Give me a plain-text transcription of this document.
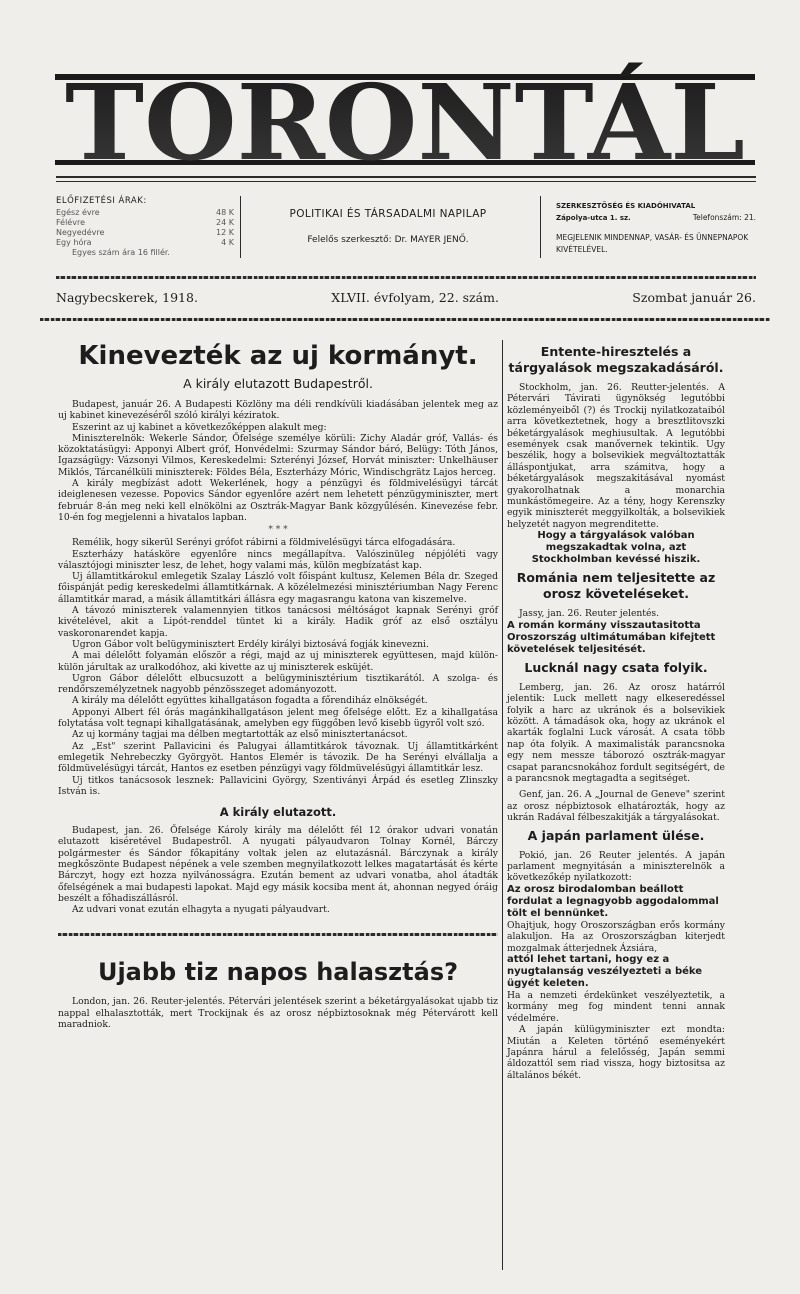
TORONTÁL
ELŐFIZETÉSI ÁRAK:
Egész évre	48 K
Félévre	24 K
Negyedévre	12 K
Egy hóra	4 K
Egyes szám ára 16 fillér.
POLITIKAI ÉS TÁRSADALMI NAPILAP
Felelős szerkesztő: Dr. MAYER JENŐ.
SZERKESZTŐSÉG ÉS KIADÓHIVATAL
Zápolya-utca 1. sz.	Telefonszám: 21.
MEGJELENIK MINDENNAP, VASÁR- ÉS ÜNNEPNAPOK KIVÉTELÉVEL.
Nagybecskerek, 1918.	XLVII. évfolyam, 22. szám.	Szombat január 26.
Kinevezték az uj kormányt.
A király elutazott Budapestről.

Budapest, január 26. A Budapesti Közlöny ma déli rendkívüli kiadásában jelentek meg az uj kabinet kinevezéséről szóló királyi kéziratok.

Eszerint az uj kabinet a következőképpen alakult meg:

Miniszterelnök: Wekerle Sándor, Őfelsége személye körüli: Zichy Aladár gróf, Vallás- és közoktatásügyi: Apponyi Albert gróf, Honvédelmi: Szurmay Sándor báró, Belügy: Tóth János, Igazságügy: Vázsonyi Vilmos, Kereskedelmi: Szterényi József, Horvát miniszter: Unkelhäuser Miklós, Tárcanélküli miniszterek: Földes Béla, Eszterházy Móric, Windischgrätz Lajos herceg.

A király megbízást adott Wekerlének, hogy a pénzügyi és földmivelésügyi tárcát ideiglenesen vezesse. Popovics Sándor egyenlőre azért nem lehetett pénzügyminiszter, mert február 8-án meg neki kell elnökölni az Osztrák-Magyar Bank közgyűlésén. Kinevezése febr. 10-én fog megjelenni a hivatalos lapban.

* * *

Remélik, hogy sikerül Serényi grófot rábirni a földmivelésügyi tárca elfogadására.

Eszterházy hatásköre egyenlőre nincs megállapítva. Valószinüleg népjóléti vagy választójogi miniszter lesz, de lehet, hogy valami más, külön megbízatást kap.

Uj államtitkárokul emlegetik Szalay László volt főispánt kultusz, Kelemen Béla dr. Szeged főispánját pedig kereskedelmi államtitkárnak. A közélelmezési minisztériumban Nagy Ferenc államtitkár marad, a másik államtitkári állásra egy magasrangu katona van kiszemelve.

A távozó miniszterek valamennyien titkos tanácsosi méltóságot kapnak Serényi gróf kivételével, akit a Lipót-renddel tüntet ki a király. Hadik gróf az első osztályu vaskoronarendet kapja.

Ugron Gábor volt belügyminisztert Erdély királyi biztosává fogják kinevezni.

A mai délelőtt folyamán először a régi, majd az uj miniszterek együttesen, majd külön-külön járultak az uralkodóhoz, aki kivette az uj miniszterek esküjét.

Ugron Gábor délelőtt elbucsuzott a belügyminisztérium tisztikarától. A szolga- és rendőrszemélyzetnek nagyobb pénzösszeget adományozott.

A király ma délelőtt együttes kihallgatáson fogadta a főrendiház elnökségét.

Apponyi Albert fél órás magánkihallgatáson jelent meg őfelsége előtt. Ez a kihallgatása folytatása volt tegnapi kihallgatásának, amelyben egy függőben levő kisebb ügyről volt szó.

Az uj kormány tagjai ma délben megtartották az első minisztertanácsot.

Az „Est" szerint Pallavicini és Palugyai államtitkárok távoznak. Uj államtitkárként emlegetik Nehrebeczky Györgyöt. Hantos Elemér is távozik. De ha Serényi elvállalja a földmüvelésügyi tárcát, Hantos ez esetben pénzügyi vagy földmüvelésügyi államtitkár lesz.

Uj titkos tanácsosok lesznek: Pallavicini György, Szentiványi Árpád és esetleg Zlinszky István is.

A király elutazott.

Budapest, jan. 26. Őfelsége Károly király ma délelőtt fél 12 órakor udvari vonatán elutazott kiséretével Budapestről. A nyugati pályaudvaron Tolnay Kornél, Bárczy polgármester és Sándor főkapitány voltak jelen az elutazásnál. Bárczynak a király megkőszönte Budapest népének a vele szemben megnyilatkozott lelkes magatartását és kérte Bárczyt, hogy ezt hozza nyilvánosságra. Ezután bement az udvari vonatba, ahol átadták őfelségének a mai budapesti lapokat. Majd egy másik kocsiba ment át, ahonnan negyed óráig beszélt a főhadiszállásról.

Az udvari vonat ezután elhagyta a nyugati pályaudvart.

Ujabb tiz napos halasztás?

London, jan. 26. Reuter-jelentés. Pétervári jelentések szerint a béketárgyalásokat ujabb tiz nappal elhalasztották, mert Trockijnak és az orosz népbiztosoknak még Pétervárott kell maradniok.

Entente-hiresztelés a tárgyalások megszakadásáról.

Stockholm, jan. 26. Reutter-jelentés. A Pétervári Távirati ügynökség legutóbbi közleményeiből (?) és Trockij nyilatkozataiból arra következtetnek, hogy a bresztlitovszki béketárgyalások meghiusultak. A legutóbbi események csak manővernek tekintik. Ugy beszélik, hogy a bolsevikiek megváltoztatták álláspontjukat, arra számitva, hogy a béketárgyalások megszakitásával nyomást gyakorolhatnak a monarchia munkástömegeire. Az a tény, hogy Kerenszky egyik miniszterét meggyilkolták, a bolsevikiek helyzetét nagyon megrenditette.

Hogy a tárgyalások valóban megszakadtak volna, azt Stockholmban kevéssé hiszik.

Románia nem teljesitette az orosz követeléseket.

Jassy, jan. 26. Reuter jelentés.

A román kormány visszautasitotta Oroszország ultimátumában kifejtett követelések teljesitését.

Lucknál nagy csata folyik.

Lemberg, jan. 26. Az orosz határról jelentik: Luck mellett nagy elkeseredéssel folyik a harc az ukránok és a bolsevikiek között. A támadások oka, hogy az ukránok el akarták foglalni Luck városát. A csata több nap óta folyik. A maximalisták parancsnoka egy nem messze táborozó osztrák-magyar csapat parancsnokához fordult segitségért, de a parancsnok megtagadta a segitséget.

Genf, jan. 26. A „Journal de Geneve" szerint az orosz népbiztosok elhatározták, hogy az ukrán Radával félbeszakitják a tárgyalásokat.

A japán parlament ülése.

Pokió, jan. 26 Reuter jelentés. A japán parlament megnyitásán a miniszterelnök a következőkép nyilatkozott:

Az orosz birodalomban beállott fordulat a legnagyobb aggodalommal tölt el bennünket.

Ohajtjuk, hogy Oroszországban erős kormány alakuljon. Ha az Oroszországban kiterjedt mozgalmak átterjednek Ázsiára,

attól lehet tartani, hogy ez a nyugtalanság veszélyezteti a béke ügyét keleten.

Ha a nemzeti érdekünket veszélyeztetik, a kormány meg fog mindent tenni annak védelmére.

A japán külügyminiszter ezt mondta: Miután a Keleten történő eseményekért Japánra hárul a felelősség, Japán semmi áldozattól sem riad vissza, hogy biztositsa az általános békét.
